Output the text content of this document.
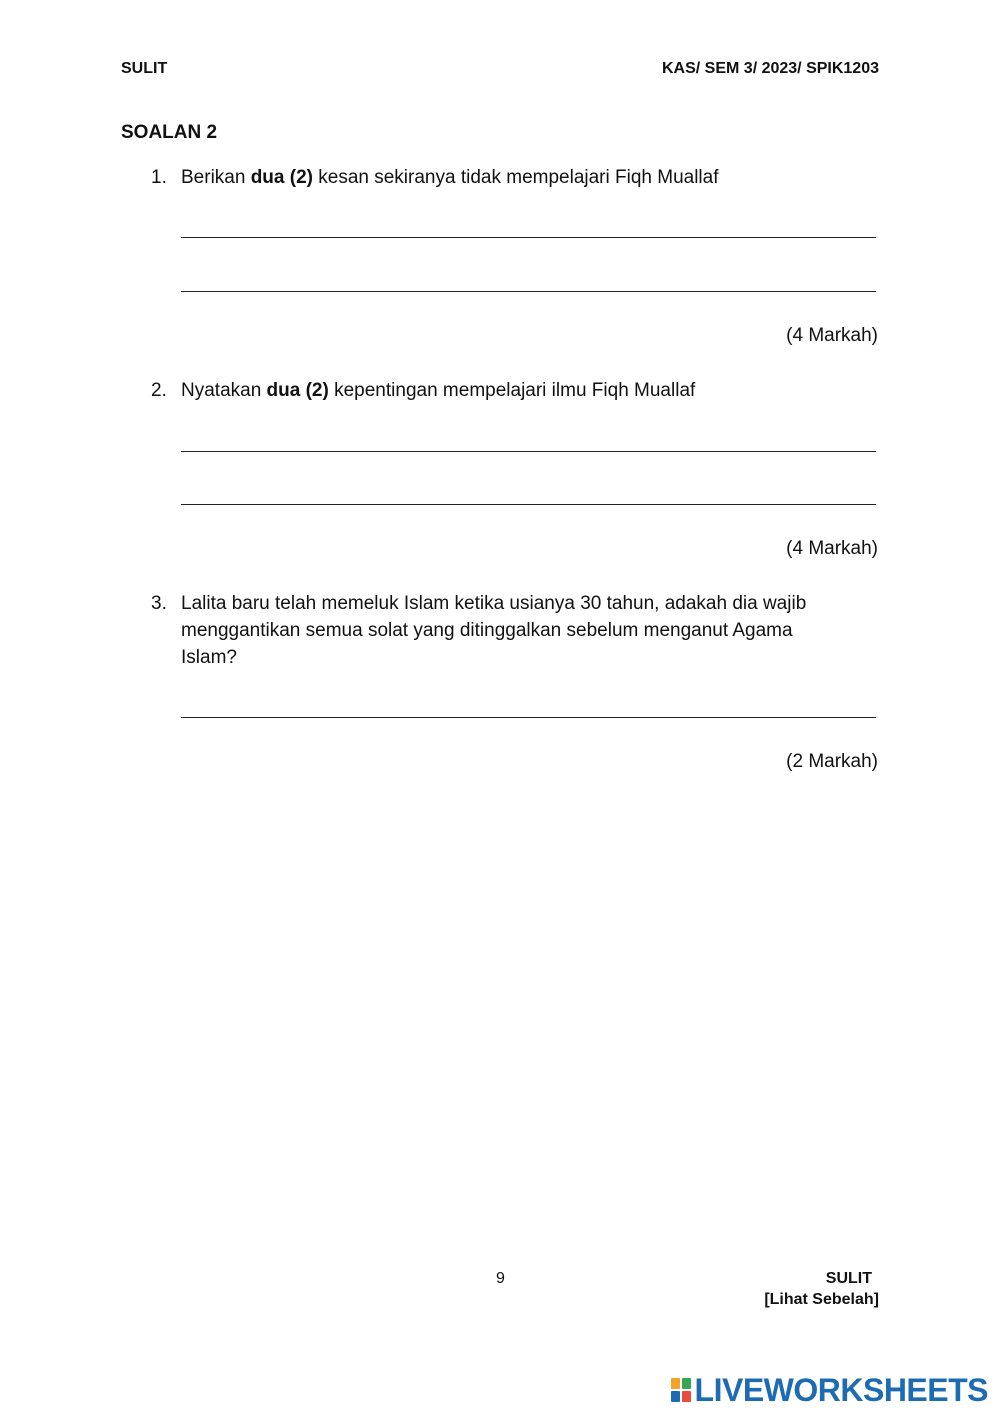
SULIT	KAS/ SEM 3/ 2023/ SPIK1203
SOALAN 2
1. Berikan dua (2) kesan sekiranya tidak mempelajari Fiqh Muallaf
(4 Markah)
2. Nyatakan dua (2) kepentingan mempelajari ilmu Fiqh Muallaf
(4 Markah)
3. Lalita baru telah memeluk Islam ketika usianya 30 tahun, adakah dia wajib menggantikan semua solat yang ditinggalkan sebelum menganut Agama Islam?
(2 Markah)
9	SULIT
[Lihat Sebelah]
LIVEWORKSHEETS
